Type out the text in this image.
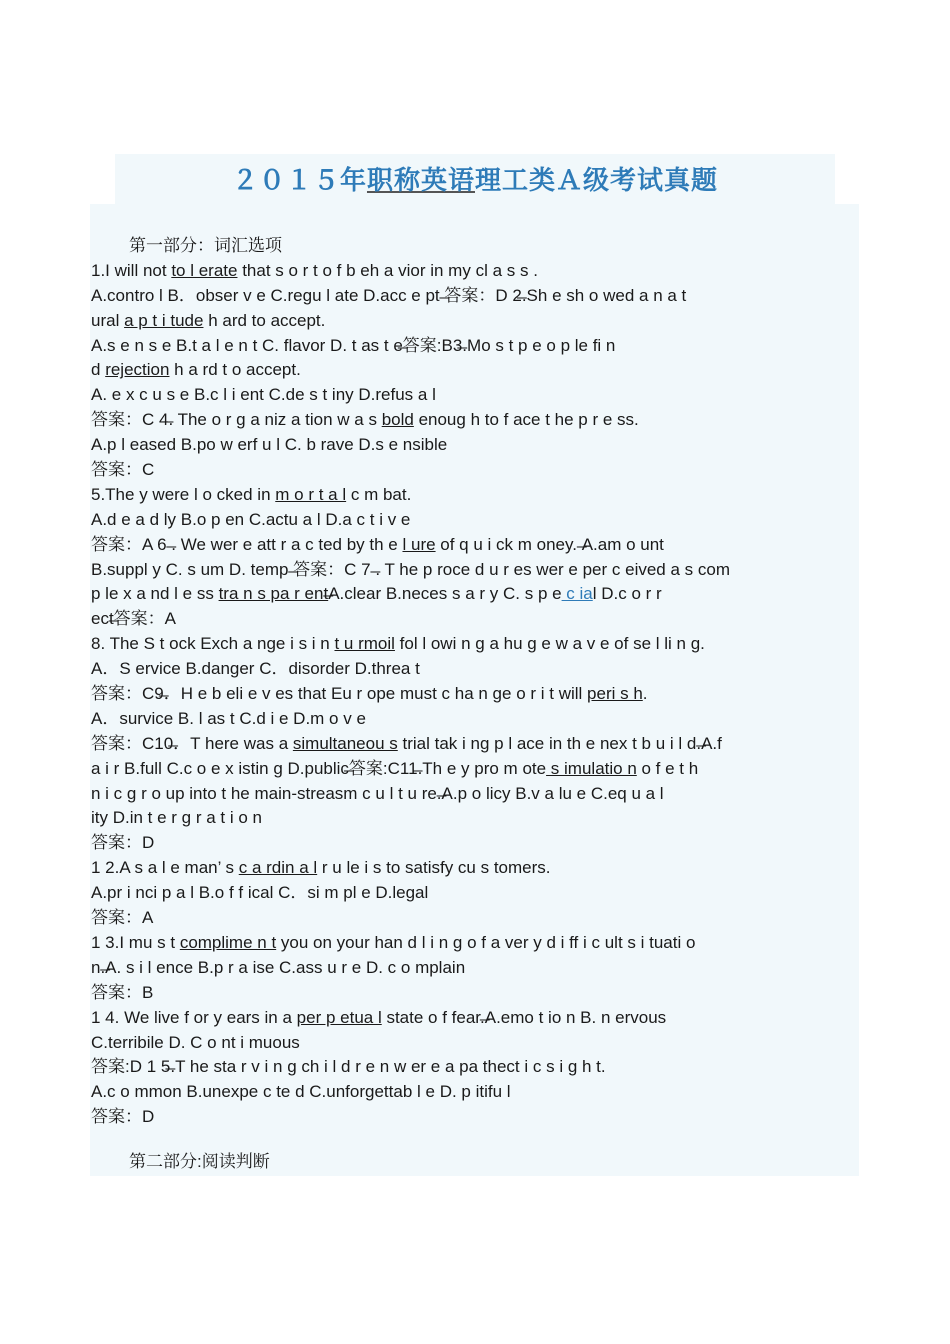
２０１５年职称英语理工类Ａ级考试真题
第一部分：词汇选项
1.I will not to l erate that s o r t o f b eh a vior in my cl a s s .
A.contro l B．obser v e C.regu l ate D.acc e pt ̶答案：D 2̶.Sh e sh o wed a n a t
ural a p t i tude h ard to accept.
A.s e n s e B.t a l e n t C. flavor D. t as t e̶答案:B3̶.Mo s t p e o p le fi n
d rejection h a rd t o accept.
A. e x c u s e B.c l i ent C.de s t iny D.refus a l
答案：C 4̶. The o r g a niz a tion w a s bold enoug h to f ace t he p r e ss.
A.p l eased B.po w erf u l C. b rave D.s e nsible
答案：C
5.The y were l o cked in m o r t a l c m bat.
A.d e a d ly B.o p en C.actu a l D.a c t i v e
答案：A 6 ̶. We wer e att r a c ted by th e l ure of q u i ck m oney. ̶A.am o unt
B.suppl y C. s um D. temp ̶答案：C 7 ̶. T he p roce d u r es wer e per c eived a s com
p le x a nd l e ss tra n s pa r ent̶A.clear B.neces s a r y C. s p e c ial D.c o r r
ect̶答案：A
8. The S t ock Exch a nge i s i n t u rmoil fol l owi n g a hu g e w a v e of se l li n g.
A．S ervice B.danger C．disorder D.threa t
答案：C9̶．H e b eli e v es that Eu r ope must c ha n ge o r i t will peri s h.
A．survice B. l as t C.d i e D.m o v e
答案：C10̶．T here was a simultaneou s trial tak i ng p l ace in th e nex t b u i l d.̶A.f
a i r B.full C.c o e x istin g D.public̶答案:C11̶.Th e y pro m ote s imulatio n o f e t h
n i c g r o up into t he main-streasm c u l t u re.̶A.p o licy B.v a lu e C.eq u a l
ity D.in t e r g r a t i o n
答案：D
1 2.A s a l e man’ s c a rdin a l r u le i s to satisfy cu s tomers.
A.pr i nci p a l B.o f f ical C．si m pl e D.legal
答案：A
1 3.I mu s t complime n t you on your han d l i n g o f a ver y d i ff i c ult s i tuati o
n.̶A. s i l ence B.p r a ise C.ass u r e D. c o mplain
答案：B
1 4. We live f or y ears in a per p etua l state o f fear.̶A.emo t io n B. n ervous
C.terribile D. C o nt i muous
答案:D 1 5̶.T he sta r v i n g ch i l d r e n w er e a pa thect i c s i g h t.
A.c o mmon B.unexpe c te d C.unforgettab l e D. p itifu l
答案：D
第二部分:阅读判断
